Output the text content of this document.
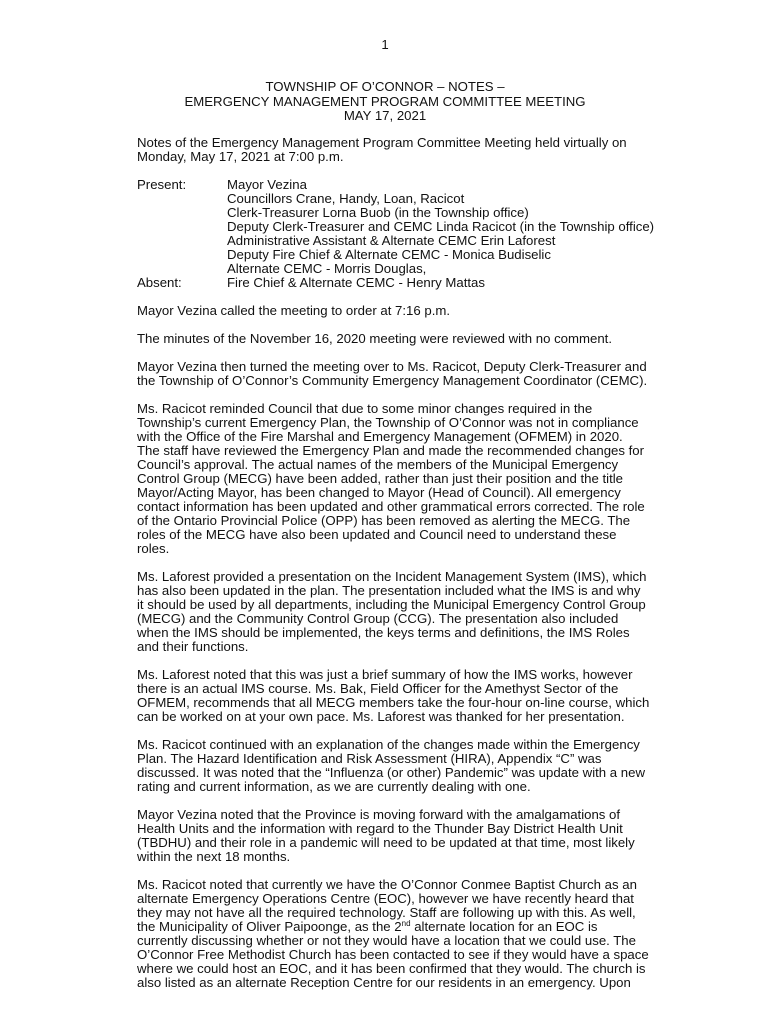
1
TOWNSHIP OF O’CONNOR – NOTES –
EMERGENCY MANAGEMENT PROGRAM COMMITTEE MEETING
MAY 17, 2021
Notes of the Emergency Management Program Committee Meeting held virtually on
Monday, May 17, 2021 at 7:00 p.m.
Present:
Absent:
Mayor Vezina
Councillors Crane, Handy, Loan, Racicot
Clerk-Treasurer Lorna Buob (in the Township office)
Deputy Clerk-Treasurer and CEMC Linda Racicot (in the Township office)
Administrative Assistant & Alternate CEMC Erin Laforest
Deputy Fire Chief & Alternate CEMC - Monica Budiselic
Alternate CEMC - Morris Douglas,
Fire Chief & Alternate CEMC - Henry Mattas
Mayor Vezina called the meeting to order at 7:16 p.m.
The minutes of the November 16, 2020 meeting were reviewed with no comment.
Mayor Vezina then turned the meeting over to Ms. Racicot, Deputy Clerk-Treasurer and
the Township of O’Connor’s Community Emergency Management Coordinator (CEMC).
Ms. Racicot reminded Council that due to some minor changes required in the
Township’s current Emergency Plan, the Township of O’Connor was not in compliance
with the Office of the Fire Marshal and Emergency Management (OFMEM) in 2020.
The staff have reviewed the Emergency Plan and made the recommended changes for
Council’s approval. The actual names of the members of the Municipal Emergency
Control Group (MECG) have been added, rather than just their position and the title
Mayor/Acting Mayor, has been changed to Mayor (Head of Council). All emergency
contact information has been updated and other grammatical errors corrected. The role
of the Ontario Provincial Police (OPP) has been removed as alerting the MECG. The
roles of the MECG have also been updated and Council need to understand these
roles.
Ms. Laforest provided a presentation on the Incident Management System (IMS), which
has also been updated in the plan. The presentation included what the IMS is and why
it should be used by all departments, including the Municipal Emergency Control Group
(MECG) and the Community Control Group (CCG). The presentation also included
when the IMS should be implemented, the keys terms and definitions, the IMS Roles
and their functions.
Ms. Laforest noted that this was just a brief summary of how the IMS works, however
there is an actual IMS course. Ms. Bak, Field Officer for the Amethyst Sector of the
OFMEM, recommends that all MECG members take the four-hour on-line course, which
can be worked on at your own pace. Ms. Laforest was thanked for her presentation.
Ms. Racicot continued with an explanation of the changes made within the Emergency
Plan. The Hazard Identification and Risk Assessment (HIRA), Appendix “C” was
discussed. It was noted that the “Influenza (or other) Pandemic” was update with a new
rating and current information, as we are currently dealing with one.
Mayor Vezina noted that the Province is moving forward with the amalgamations of
Health Units and the information with regard to the Thunder Bay District Health Unit
(TBDHU) and their role in a pandemic will need to be updated at that time, most likely
within the next 18 months.
Ms. Racicot noted that currently we have the O’Connor Conmee Baptist Church as an
alternate Emergency Operations Centre (EOC), however we have recently heard that
they may not have all the required technology. Staff are following up with this. As well,
the Municipality of Oliver Paipoonge, as the 2nd alternate location for an EOC is
currently discussing whether or not they would have a location that we could use. The
O’Connor Free Methodist Church has been contacted to see if they would have a space
where we could host an EOC, and it has been confirmed that they would. The church is
also listed as an alternate Reception Centre for our residents in an emergency. Upon
